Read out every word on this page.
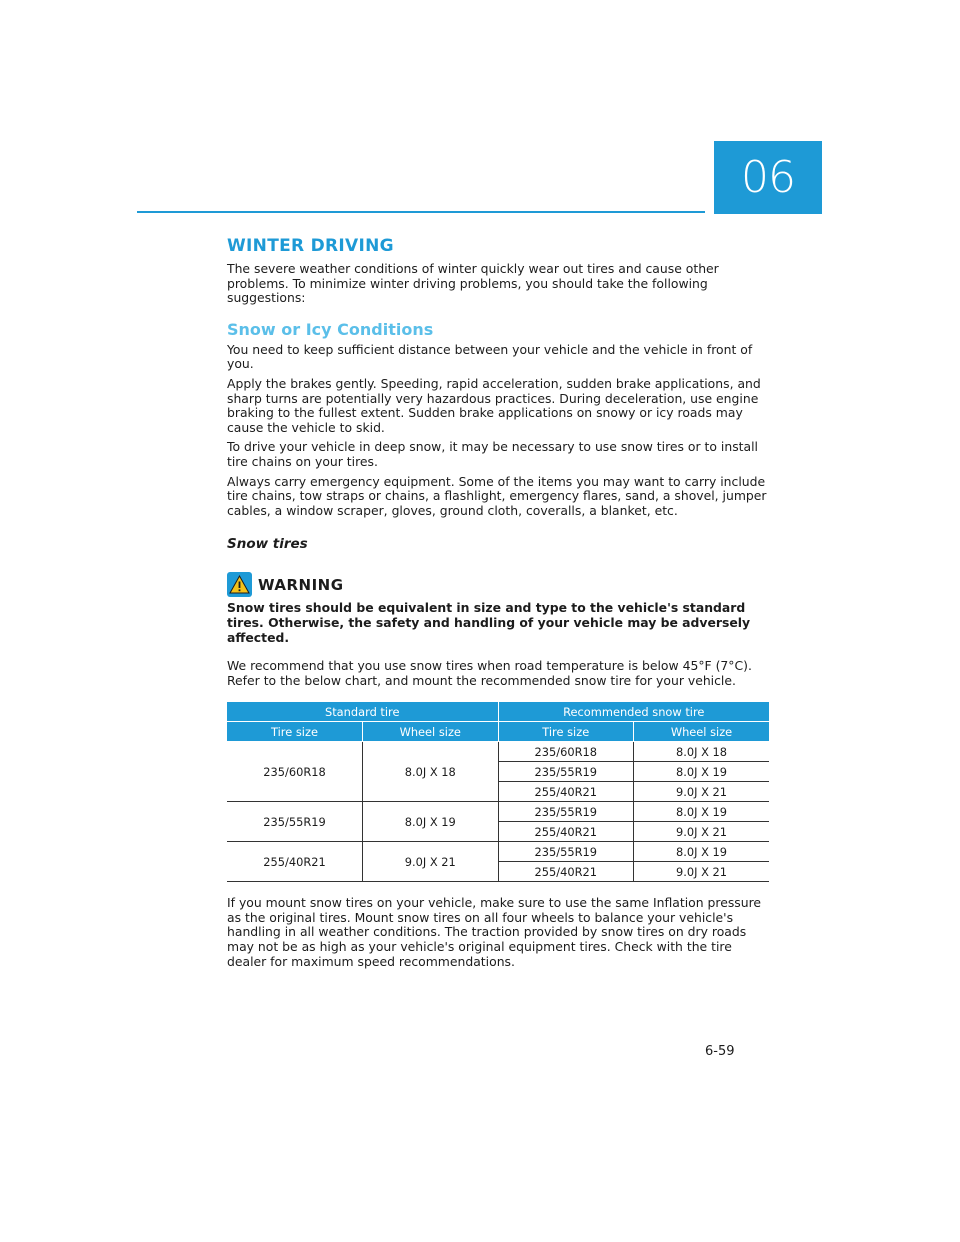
06
WINTER DRIVING

The severe weather conditions of winter quickly wear out tires and cause other problems. To minimize winter driving problems, you should take the following suggestions:

Snow or Icy Conditions

You need to keep sufficient distance between your vehicle and the vehicle in front of you.

Apply the brakes gently. Speeding, rapid acceleration, sudden brake applications, and sharp turns are potentially very hazardous practices. During deceleration, use engine braking to the fullest extent. Sudden brake applications on snowy or icy roads may cause the vehicle to skid.

To drive your vehicle in deep snow, it may be necessary to use snow tires or to install tire chains on your tires.

Always carry emergency equipment. Some of the items you may want to carry include tire chains, tow straps or chains, a flashlight, emergency flares, sand, a shovel, jumper cables, a window scraper, gloves, ground cloth, coveralls, a blanket, etc.

Snow tires
WARNING

Snow tires should be equivalent in size and type to the vehicle's standard tires. Otherwise, the safety and handling of your vehicle may be adversely affected.

We recommend that you use snow tires when road temperature is below 45°F (7°C). Refer to the below chart, and mount the recommended snow tire for your vehicle.

Standard tire		Recommended snow tire	
Tire size	Wheel size	Tire size	Wheel size
235/60R18	8.0J X 18	235/60R18	8.0J X 18
		235/55R19	8.0J X 19
		255/40R21	9.0J X 21
235/55R19	8.0J X 19	235/55R19	8.0J X 19
		255/40R21	9.0J X 21
255/40R21	9.0J X 21	235/55R19	8.0J X 19
		255/40R21	9.0J X 21

If you mount snow tires on your vehicle, make sure to use the same Inflation pressure as the original tires. Mount snow tires on all four wheels to balance your vehicle's handling in all weather conditions. The traction provided by snow tires on dry roads may not be as high as your vehicle's original equipment tires. Check with the tire dealer for maximum speed recommendations.

6-59
